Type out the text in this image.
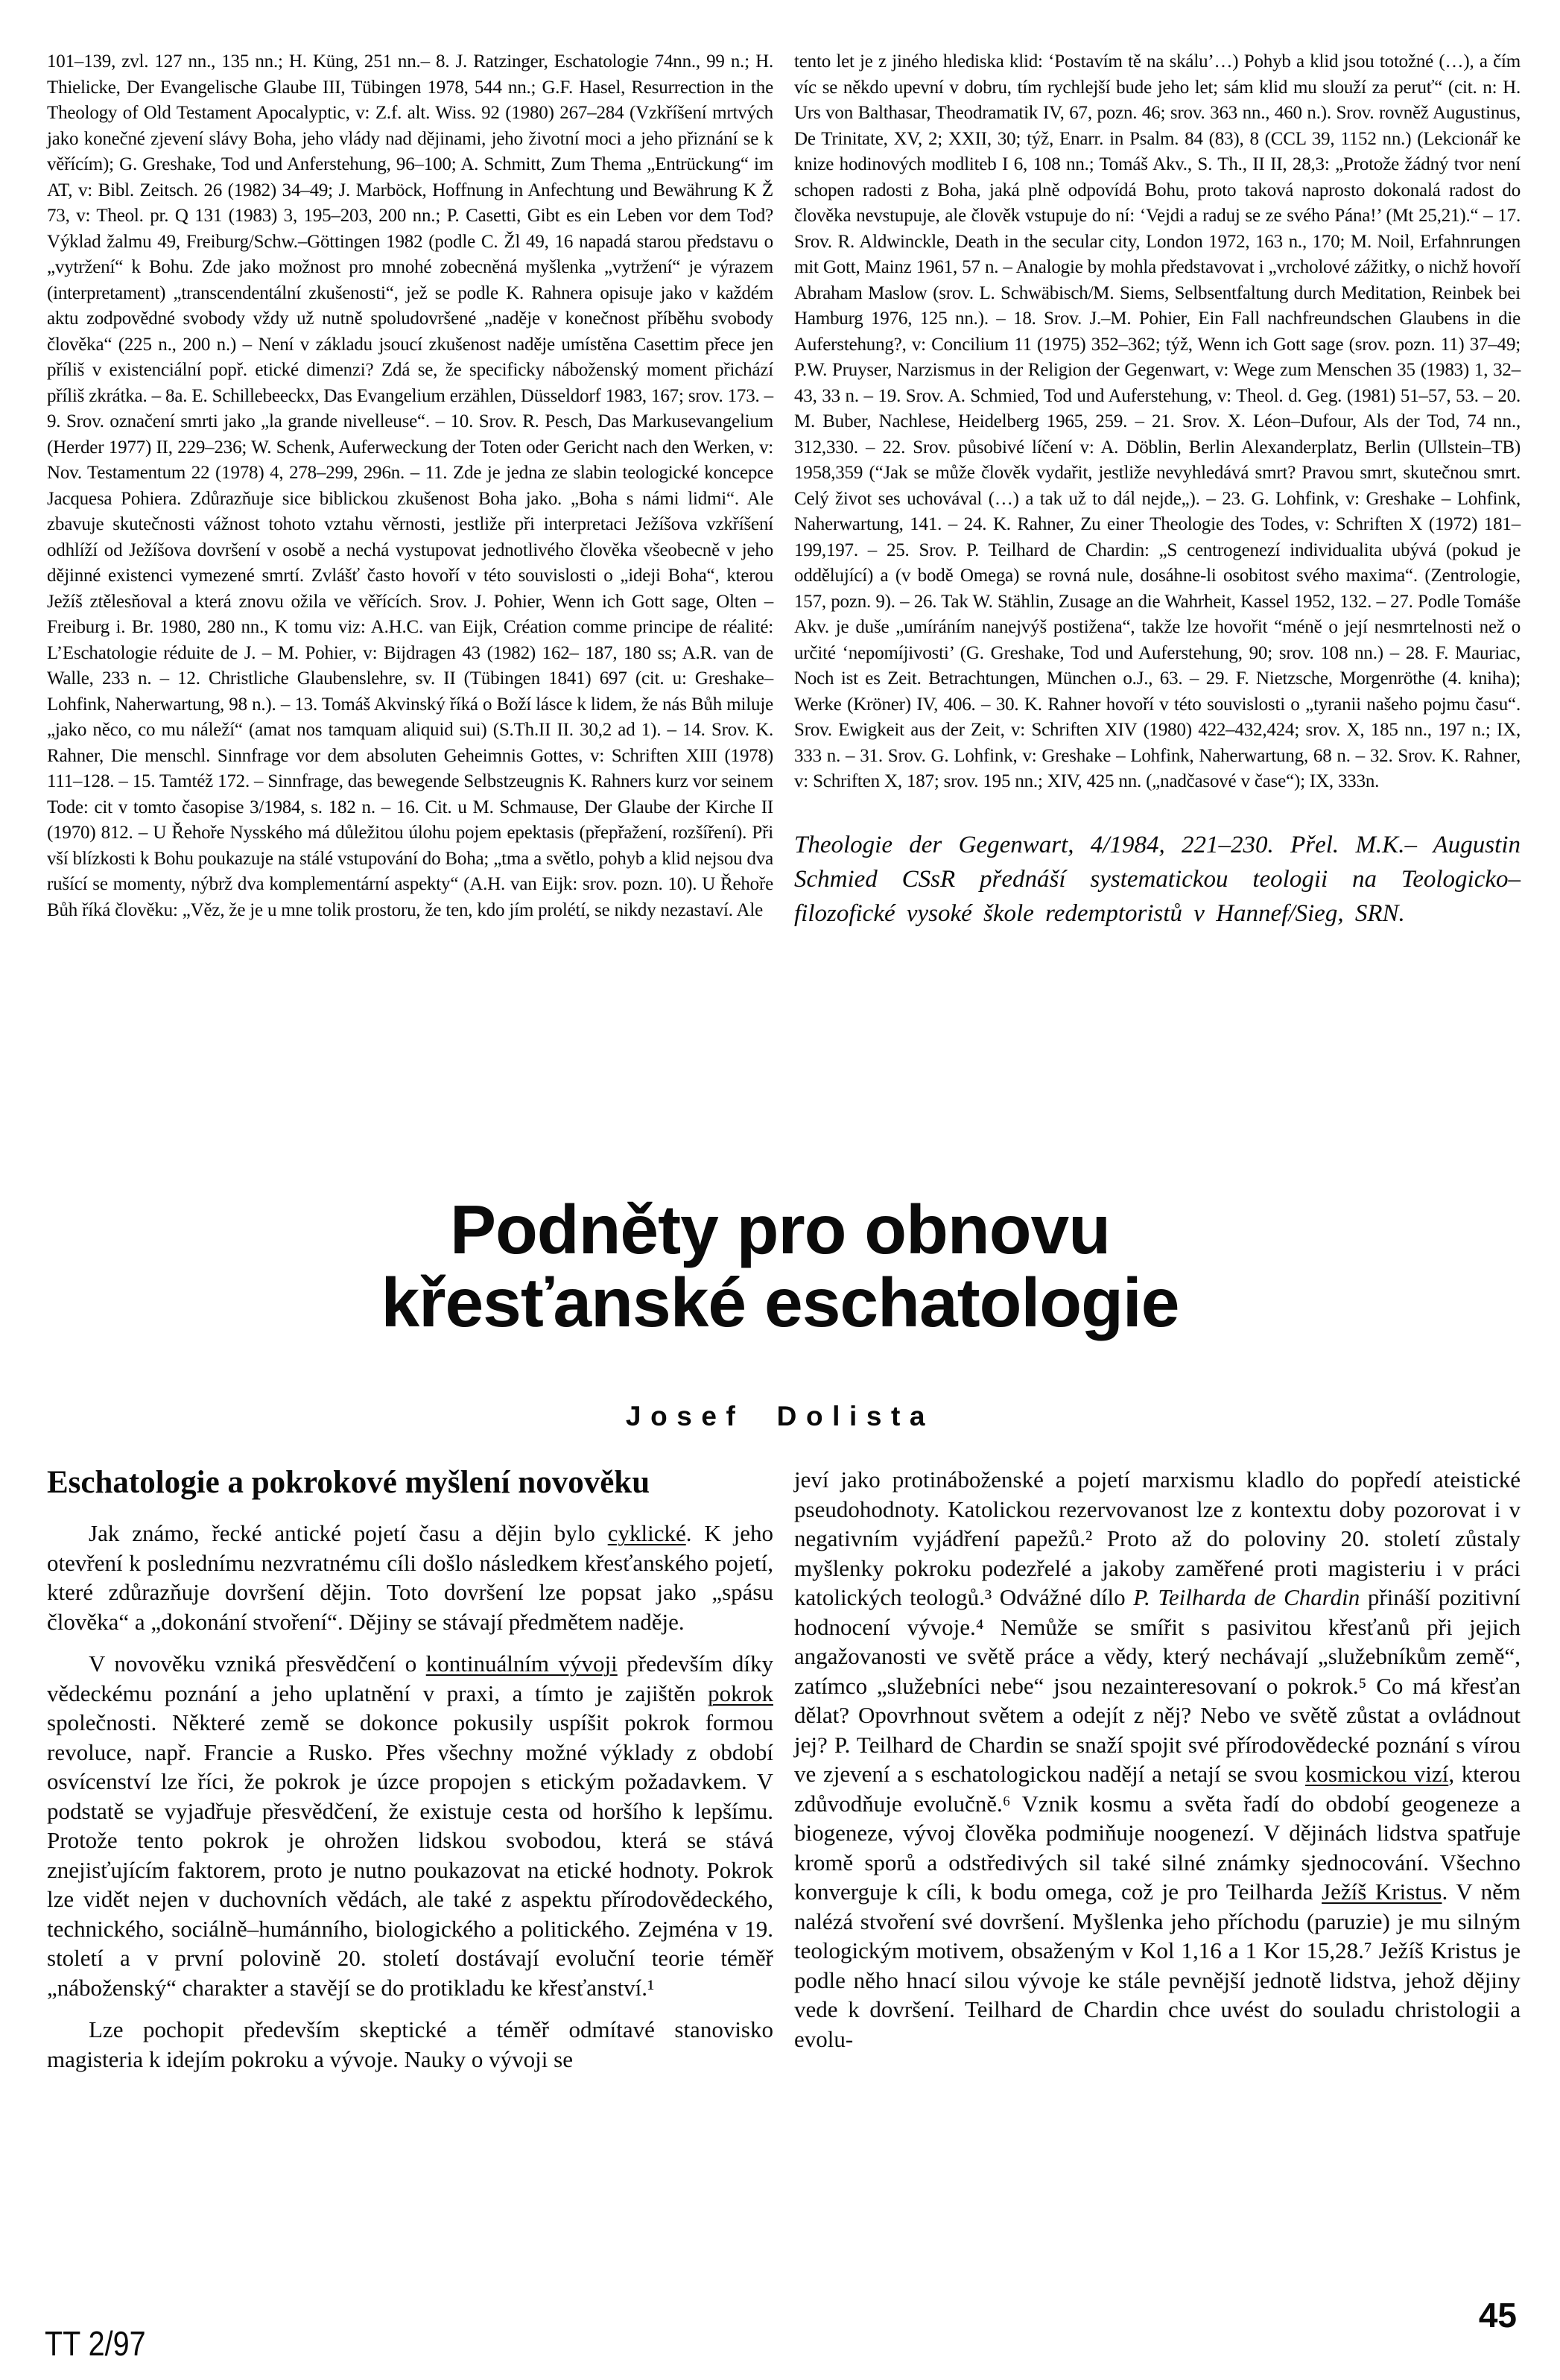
101–139, zvl. 127 nn., 135 nn.; H. Küng, 251 nn.– 8. J. Ratzinger, Eschatologie 74nn., 99 n.; H. Thielicke, Der Evangelische Glaube III, Tübingen 1978, 544 nn.; G.F. Hasel, Resurrection in the Theology of Old Testament Apocalyptic, v: Z.f. alt. Wiss. 92 (1980) 267–284 (Vzkříšení mrtvých jako konečné zjevení slávy Boha, jeho vlády nad dějinami, jeho životní moci a jeho přiznání se k věřícím); G. Greshake, Tod und Anferstehung, 96–100; A. Schmitt, Zum Thema „Entrückung“ im AT, v: Bibl. Zeitsch. 26 (1982) 34–49; J. Marböck, Hoffnung in Anfechtung und Bewährung K Ž 73, v: Theol. pr. Q 131 (1983) 3, 195–203, 200 nn.; P. Casetti, Gibt es ein Leben vor dem Tod? Výklad žalmu 49, Freiburg/Schw.–Göttingen 1982 (podle C. Žl 49, 16 napadá starou představu o „vytržení“ k Bohu. Zde jako možnost pro mnohé zobecněná myšlenka „vytržení“ je výrazem (interpretament) „transcendentální zkušenosti“, jež se podle K. Rahnera opisuje jako v každém aktu zodpovědné svobody vždy už nutně spoludovršené „naděje v konečnost příběhu svobody člověka“ (225 n., 200 n.) – Není v základu jsoucí zkušenost naděje umístěna Casettim přece jen příliš v existenciální popř. etické dimenzi? Zdá se, že specificky náboženský moment přichází příliš zkrátka. – 8a. E. Schillebeeckx, Das Evangelium erzählen, Düsseldorf 1983, 167; srov. 173. – 9. Srov. označení smrti jako „la grande nivelleuse“. – 10. Srov. R. Pesch, Das Markusevangelium (Herder 1977) II, 229–236; W. Schenk, Auferweckung der Toten oder Gericht nach den Werken, v: Nov. Testamentum 22 (1978) 4, 278–299, 296n. – 11. Zde je jedna ze slabin teologické koncepce Jacquesa Pohiera. Zdůrazňuje sice biblickou zkušenost Boha jako. „Boha s námi lidmi“. Ale zbavuje skutečnosti vážnost tohoto vztahu věrnosti, jestliže při interpretaci Ježíšova vzkříšení odhlíží od Ježíšova dovršení v osobě a nechá vystupovat jednotlivého člověka všeobecně v jeho dějinné existenci vymezené smrtí. Zvlášť často hovoří v této souvislosti o „ideji Boha“, kterou Ježíš ztělesňoval a která znovu ožila ve věřících. Srov. J. Pohier, Wenn ich Gott sage, Olten – Freiburg i. Br. 1980, 280 nn., K tomu viz: A.H.C. van Eijk, Création comme principe de réalité: L’Eschatologie réduite de J. – M. Pohier, v: Bijdragen 43 (1982) 162– 187, 180 ss; A.R. van de Walle, 233 n. – 12. Christliche Glaubenslehre, sv. II (Tübingen 1841) 697 (cit. u: Greshake–Lohfink, Naherwartung, 98 n.). – 13. Tomáš Akvinský říká o Boží lásce k lidem, že nás Bůh miluje „jako něco, co mu náleží“ (amat nos tamquam aliquid sui) (S.Th.II II. 30,2 ad 1). – 14. Srov. K. Rahner, Die menschl. Sinnfrage vor dem absoluten Geheimnis Gottes, v: Schriften XIII (1978) 111–128. – 15. Tamtéž 172. – Sinnfrage, das bewegende Selbstzeugnis K. Rahners kurz vor seinem Tode: cit v tomto časopise 3/1984, s. 182 n. – 16. Cit. u M. Schmause, Der Glaube der Kirche II (1970) 812. – U Řehoře Nysského má důležitou úlohu pojem epektasis (přepřažení, rozšíření). Při vší blízkosti k Bohu poukazuje na stálé vstupování do Boha; „tma a světlo, pohyb a klid nejsou dva rušící se momenty, nýbrž dva komplementární aspekty“ (A.H. van Eijk: srov. pozn. 10). U Řehoře Bůh říká člověku: „Věz, že je u mne tolik prostoru, že ten, kdo jím prolétí, se nikdy nezastaví. Ale
tento let je z jiného hlediska klid: ‘Postavím tě na skálu’…) Pohyb a klid jsou totožné (…), a čím víc se někdo upevní v dobru, tím rychlejší bude jeho let; sám klid mu slouží za peruť“ (cit. n: H. Urs von Balthasar, Theodramatik IV, 67, pozn. 46; srov. 363 nn., 460 n.). Srov. rovněž Augustinus, De Trinitate, XV, 2; XXII, 30; týž, Enarr. in Psalm. 84 (83), 8 (CCL 39, 1152 nn.) (Lekcionář ke knize hodinových modliteb I 6, 108 nn.; Tomáš Akv., S. Th., II II, 28,3: „Protože žádný tvor není schopen radosti z Boha, jaká plně odpovídá Bohu, proto taková naprosto dokonalá radost do člověka nevstupuje, ale člověk vstupuje do ní: ‘Vejdi a raduj se ze svého Pána!’ (Mt 25,21).“ – 17. Srov. R. Aldwinckle, Death in the secular city, London 1972, 163 n., 170; M. Noil, Erfahnrungen mit Gott, Mainz 1961, 57 n. – Analogie by mohla představovat i „vrcholové zážitky, o nichž hovoří Abraham Maslow (srov. L. Schwäbisch/M. Siems, Selbsentfaltung durch Meditation, Reinbek bei Hamburg 1976, 125 nn.). – 18. Srov. J.–M. Pohier, Ein Fall nachfreundschen Glaubens in die Auferstehung?, v: Concilium 11 (1975) 352–362; týž, Wenn ich Gott sage (srov. pozn. 11) 37–49; P.W. Pruyser, Narzismus in der Religion der Gegenwart, v: Wege zum Menschen 35 (1983) 1, 32–43, 33 n. – 19. Srov. A. Schmied, Tod und Auferstehung, v: Theol. d. Geg. (1981) 51–57, 53. – 20. M. Buber, Nachlese, Heidelberg 1965, 259. – 21. Srov. X. Léon–Dufour, Als der Tod, 74 nn., 312,330. – 22. Srov. působivé líčení v: A. Döblin, Berlin Alexanderplatz, Berlin (Ullstein–TB) 1958,359 (“Jak se může člověk vydařit, jestliže nevyhledává smrt? Pravou smrt, skutečnou smrt. Celý život ses uchovával (…) a tak už to dál nejde„). – 23. G. Lohfink, v: Greshake – Lohfink, Naherwartung, 141. – 24. K. Rahner, Zu einer Theologie des Todes, v: Schriften X (1972) 181–199,197. – 25. Srov. P. Teilhard de Chardin: „S centrogenezí individualita ubývá (pokud je oddělující) a (v bodě Omega) se rovná nule, dosáhne-li osobitost svého maxima“. (Zentrologie, 157, pozn. 9). – 26. Tak W. Stählin, Zusage an die Wahrheit, Kassel 1952, 132. – 27. Podle Tomáše Akv. je duše „umíráním nanejvýš postižena“, takže lze hovořit “méně o její nesmrtelnosti než o určité ‘nepomíjivosti’ (G. Greshake, Tod und Auferstehung, 90; srov. 108 nn.) – 28. F. Mauriac, Noch ist es Zeit. Betrachtungen, München o.J., 63. – 29. F. Nietzsche, Morgenröthe (4. kniha); Werke (Kröner) IV, 406. – 30. K. Rahner hovoří v této souvislosti o „tyranii našeho pojmu času“. Srov. Ewigkeit aus der Zeit, v: Schriften XIV (1980) 422–432,424; srov. X, 185 nn., 197 n.; IX, 333 n. – 31. Srov. G. Lohfink, v: Greshake – Lohfink, Naherwartung, 68 n. – 32. Srov. K. Rahner, v: Schriften X, 187; srov. 195 nn.; XIV, 425 nn. („nadčasové v čase“); IX, 333n.

Theologie der Gegenwart, 4/1984, 221–230. Přel. M.K.– Augustin Schmied CSsR přednáší systematickou teologii na Teologicko–filozofické vysoké škole redemptoristů v Hannef/Sieg, SRN.

Podněty pro obnovu
křesťanské eschatologie
Josef Dolista
Eschatologie a pokrokové myšlení novověku

Jak známo, řecké antické pojetí času a dějin bylo cyklické. K jeho otevření k poslednímu nezvratnému cíli došlo následkem křesťanského pojetí, které zdůrazňuje dovršení dějin. Toto dovršení lze popsat jako „spásu člověka“ a „dokonání stvoření“. Dějiny se stávají předmětem naděje.

V novověku vzniká přesvědčení o kontinuálním vývoji především díky vědeckému poznání a jeho uplatnění v praxi, a tímto je zajištěn pokrok společnosti. Některé země se dokonce pokusily uspíšit pokrok formou revoluce, např. Francie a Rusko. Přes všechny možné výklady z období osvícenství lze říci, že pokrok je úzce propojen s etickým požadavkem. V podstatě se vyjadřuje přesvědčení, že existuje cesta od horšího k lepšímu. Protože tento pokrok je ohrožen lidskou svobodou, která se stává znejisťujícím faktorem, proto je nutno poukazovat na etické hodnoty. Pokrok lze vidět nejen v duchovních vědách, ale také z aspektu přírodovědeckého, technického, sociálně–humánního, biologického a politického. Zejména v 19. století a v první polovině 20. století dostávají evoluční teorie téměř „náboženský“ charakter a stavějí se do protikladu ke křesťanství.¹

Lze pochopit především skeptické a téměř odmítavé stanovisko magisteria k idejím pokroku a vývoje. Nauky o vývoji se

jeví jako protináboženské a pojetí marxismu kladlo do popředí ateistické pseudohodnoty. Katolickou rezervovanost lze z kontextu doby pozorovat i v negativním vyjádření papežů.² Proto až do poloviny 20. století zůstaly myšlenky pokroku podezřelé a jakoby zaměřené proti magisteriu i v práci katolických teologů.³ Odvážné dílo P. Teilharda de Chardin přináší pozitivní hodnocení vývoje.⁴ Nemůže se smířit s pasivitou křesťanů při jejich angažovanosti ve světě práce a vědy, který nechávají „služebníkům země“, zatímco „služebníci nebe“ jsou nezainteresovaní o pokrok.⁵ Co má křesťan dělat? Opovrhnout světem a odejít z něj? Nebo ve světě zůstat a ovládnout jej? P. Teilhard de Chardin se snaží spojit své přírodovědecké poznání s vírou ve zjevení a s eschatologickou nadějí a netají se svou kosmickou vizí, kterou zdůvodňuje evolučně.⁶ Vznik kosmu a světa řadí do období geogeneze a biogeneze, vývoj člověka podmiňuje noogenezí. V dějinách lidstva spatřuje kromě sporů a odstředivých sil také silné známky sjednocování. Všechno konverguje k cíli, k bodu omega, což je pro Teilharda Ježíš Kristus. V něm nalézá stvoření své dovršení. Myšlenka jeho příchodu (paruzie) je mu silným teologickým motivem, obsaženým v Kol 1,16 a 1 Kor 15,28.⁷ Ježíš Kristus je podle něho hnací silou vývoje ke stále pevnější jednotě lidstva, jehož dějiny vede k dovršení. Teilhard de Chardin chce uvést do souladu christologii a evolu-

TT 2/97
45
